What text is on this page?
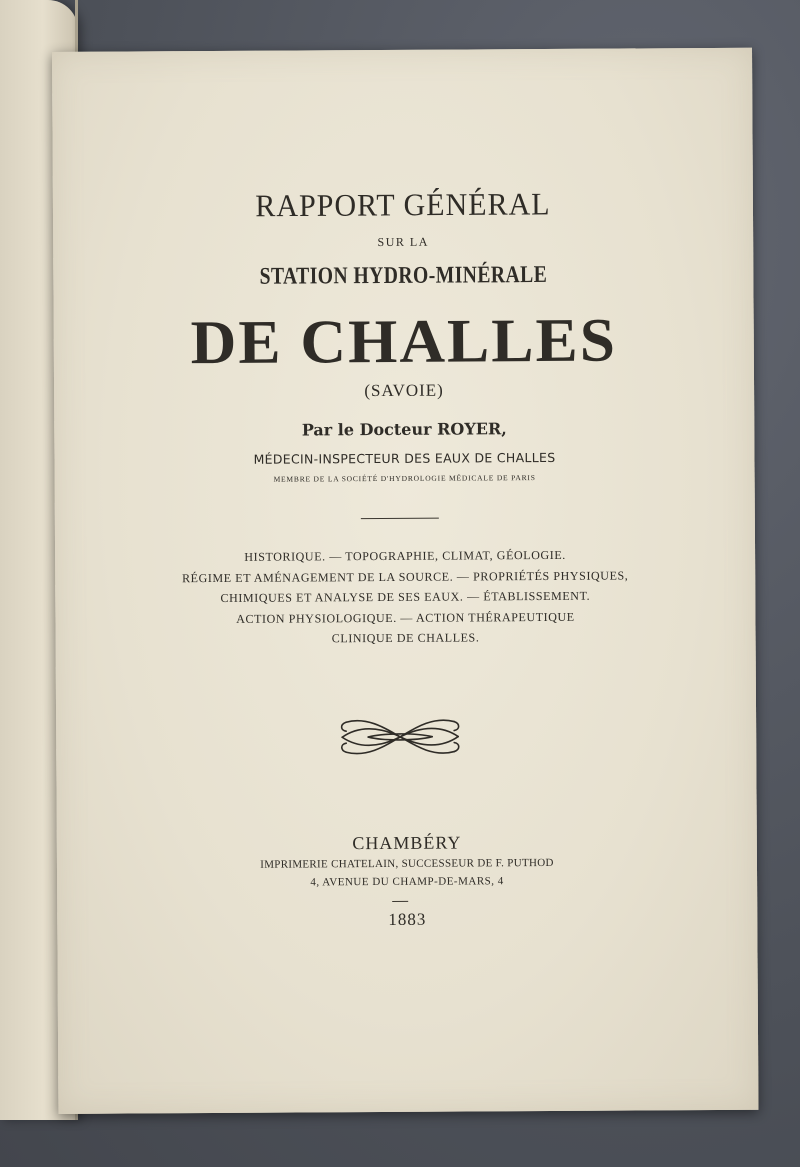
RAPPORT GÉNÉRAL
SUR LA
STATION HYDRO-MINÉRALE
DE CHALLES
(SAVOIE)
Par le Docteur ROYER,
MÉDECIN-INSPECTEUR DES EAUX DE CHALLES
MEMBRE DE LA SOCIÉTÉ D'HYDROLOGIE MÉDICALE DE PARIS
HISTORIQUE. — TOPOGRAPHIE, CLIMAT, GÉOLOGIE.
RÉGIME ET AMÉNAGEMENT DE LA SOURCE. — PROPRIÉTÉS PHYSIQUES,
CHIMIQUES ET ANALYSE DE SES EAUX. — ÉTABLISSEMENT.
ACTION PHYSIOLOGIQUE. — ACTION THÉRAPEUTIQUE
CLINIQUE DE CHALLES.
CHAMBÉRY
IMPRIMERIE CHATELAIN, SUCCESSEUR DE F. PUTHOD
4, AVENUE DU CHAMP-DE-MARS, 4
1883
